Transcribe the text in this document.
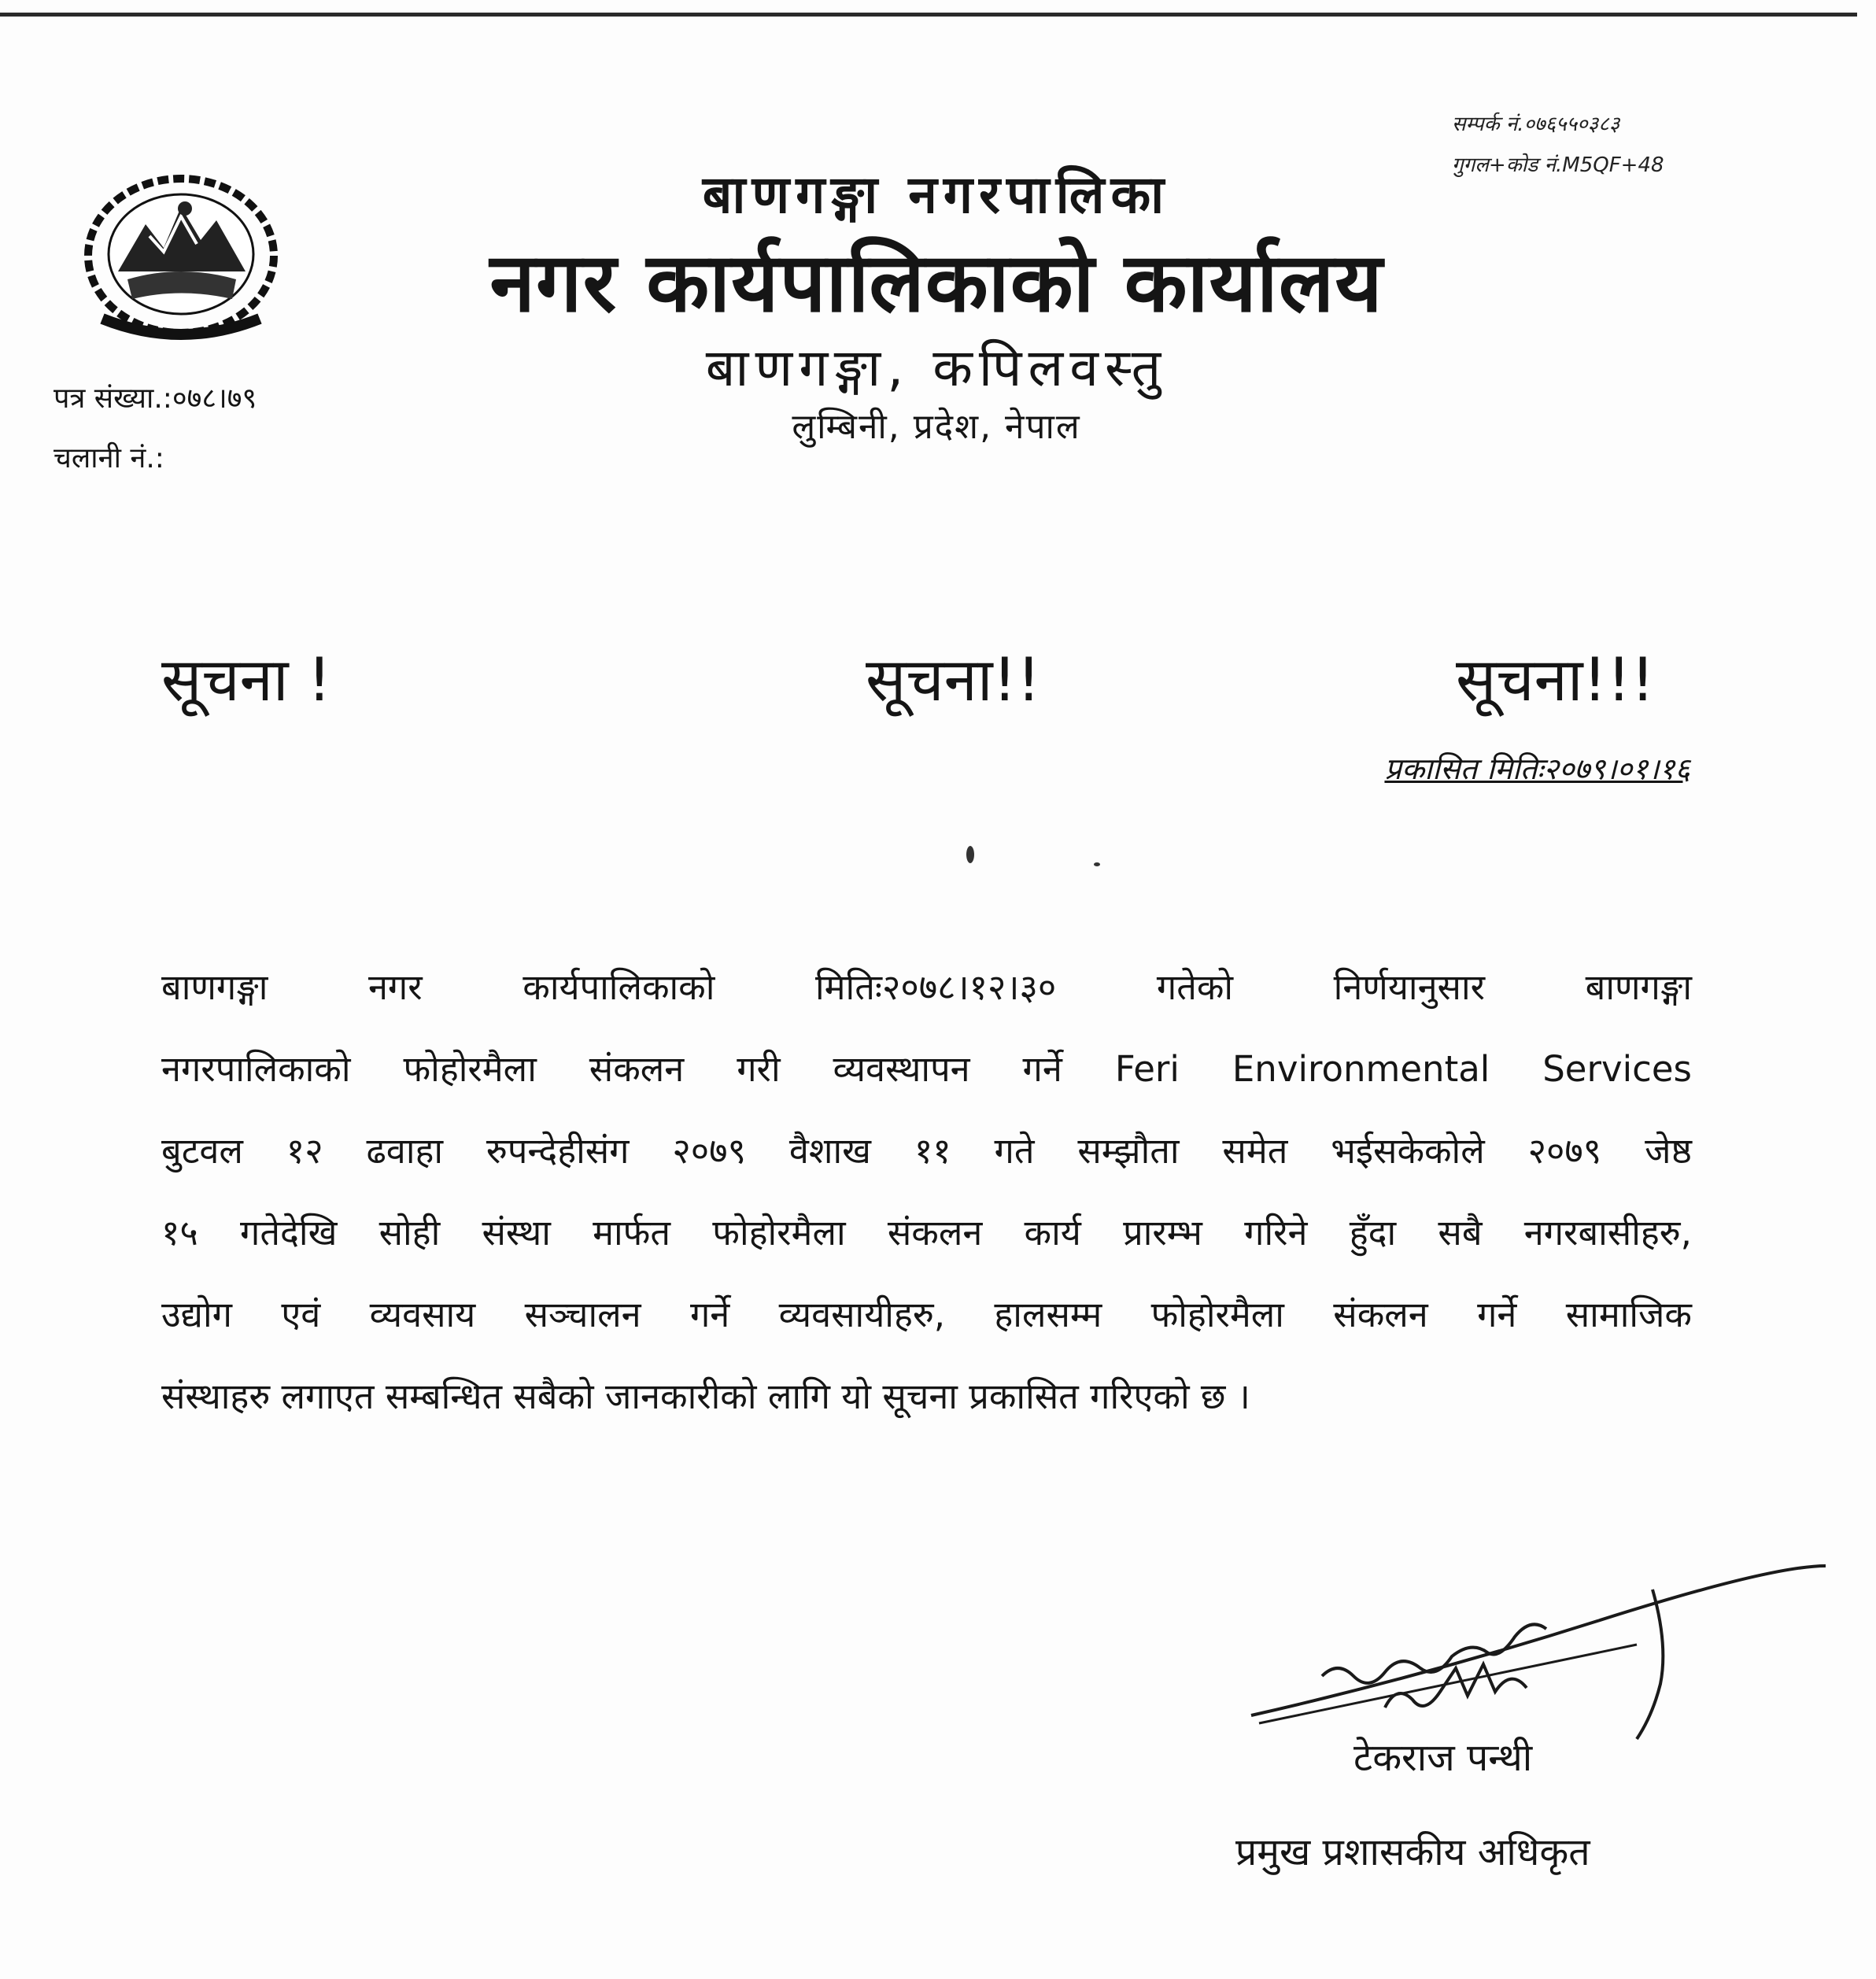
सम्पर्क नं.०७६५५०३८३
गुगल+कोड नं.M5QF+48
बाणगङ्गा नगरपालिका
नगर कार्यपालिकाको कार्यालय
बाणगङ्गा, कपिलवस्तु
लुम्बिनी, प्रदेश, नेपाल
पत्र संख्या.:०७८।७९
चलानी नं.:
सूचना !	सूचना!!	सूचना!!!
प्रकासित मितिः२०७९।०१।१६
बाणगङ्गा नगर कार्यपालिकाको मितिः२०७८।१२।३० गतेको निर्णयानुसार बाणगङ्गा
नगरपालिकाको फोहोरमैला संकलन गरी व्यवस्थापन गर्ने Feri Environmental Services
बुटवल १२ ढवाहा रुपन्देहीसंग २०७९ वैशाख ११ गते सम्झौता समेत भईसकेकोले २०७९ जेष्ठ
१५ गतेदेखि सोही संस्था मार्फत फोहोरमैला संकलन कार्य प्रारम्भ गरिने हुँदा सबै नगरबासीहरु,
उद्योग एवं व्यवसाय सञ्चालन गर्ने व्यवसायीहरु, हालसम्म फोहोरमैला संकलन गर्ने सामाजिक
संस्थाहरु लगाएत सम्बन्धित सबैको जानकारीको लागि यो सूचना प्रकासित गरिएको छ ।
टेकराज पन्थी
प्रमुख प्रशासकीय अधिकृत
